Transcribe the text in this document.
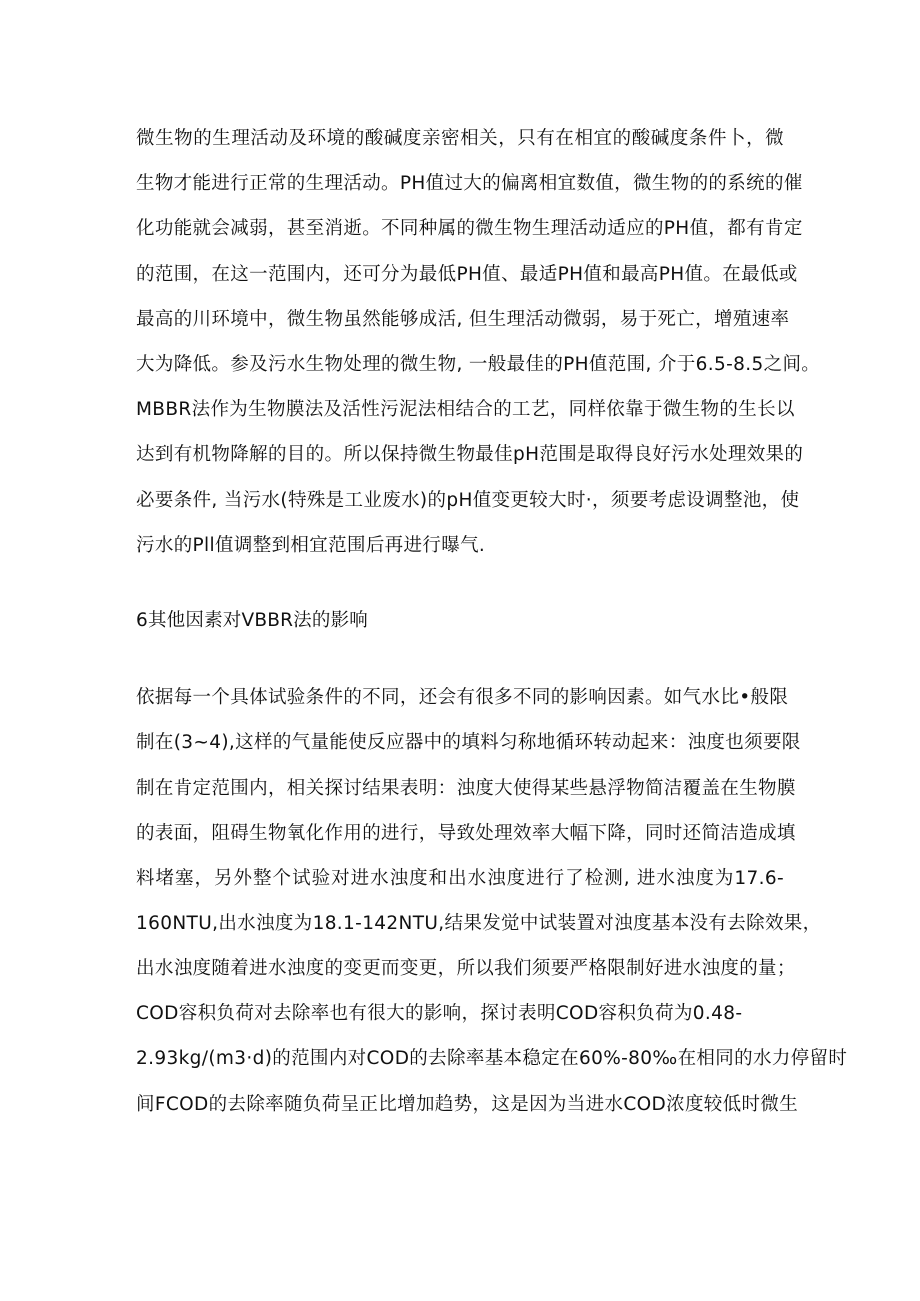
微生物的生理活动及环境的酸碱度亲密相关，只有在相宜的酸碱度条件卜，微
生物才能进行正常的生理活动。PH值过大的偏离相宜数值，微生物的的系统的催
化功能就会减弱，甚至消逝。不同种属的微生物生理活动适应的PH值，都有肯定
的范围，在这一范围内，还可分为最低PH值、最适PH值和最高PH值。在最低或
最高的川环境中，微生物虽然能够成活, 但生理活动微弱，易于死亡，增殖速率
大为降低。参及污水生物处理的微生物, 一般最佳的PH值范围, 介于6.5-8.5之间。
MBBR法作为生物膜法及活性污泥法相结合的工艺，同样依靠于微生物的生长以
达到有机物降解的目的。所以保持微生物最佳pH范围是取得良好污水处理效果的
必要条件, 当污水(特殊是工业废水)的pH值变更较大时·，须要考虑设调整池，使
污水的Pll值调整到相宜范围后再进行曝气.
6其他因素对VBBR法的影响
依据每一个具体试验条件的不同，还会有很多不同的影响因素。如气水比•般限
制在(3~4),这样的气量能使反应器中的填料匀称地循环转动起来：浊度也须要限
制在肯定范围内，相关探讨结果表明：浊度大使得某些悬浮物简洁覆盖在生物膜
的表面，阻碍生物氧化作用的进行，导致处理效率大幅下降，同时还简洁造成填
料堵塞，另外整个试验对进水浊度和出水浊度进行了检测, 进水浊度为17.6-
160NTU,出水浊度为18.1-142NTU,结果发觉中试装置对浊度基本没有去除效果，
出水浊度随着进水浊度的变更而变更，所以我们须要严格限制好进水浊度的量；
COD容积负荷对去除率也有很大的影响，探讨表明COD容积负荷为0.48-
2.93kg∕(m3·d)的范围内对COD的去除率基本稳定在60%-80‰在相同的水力停留时
间FCOD的去除率随负荷呈正比增加趋势，这是因为当进水COD浓度较低时微生
